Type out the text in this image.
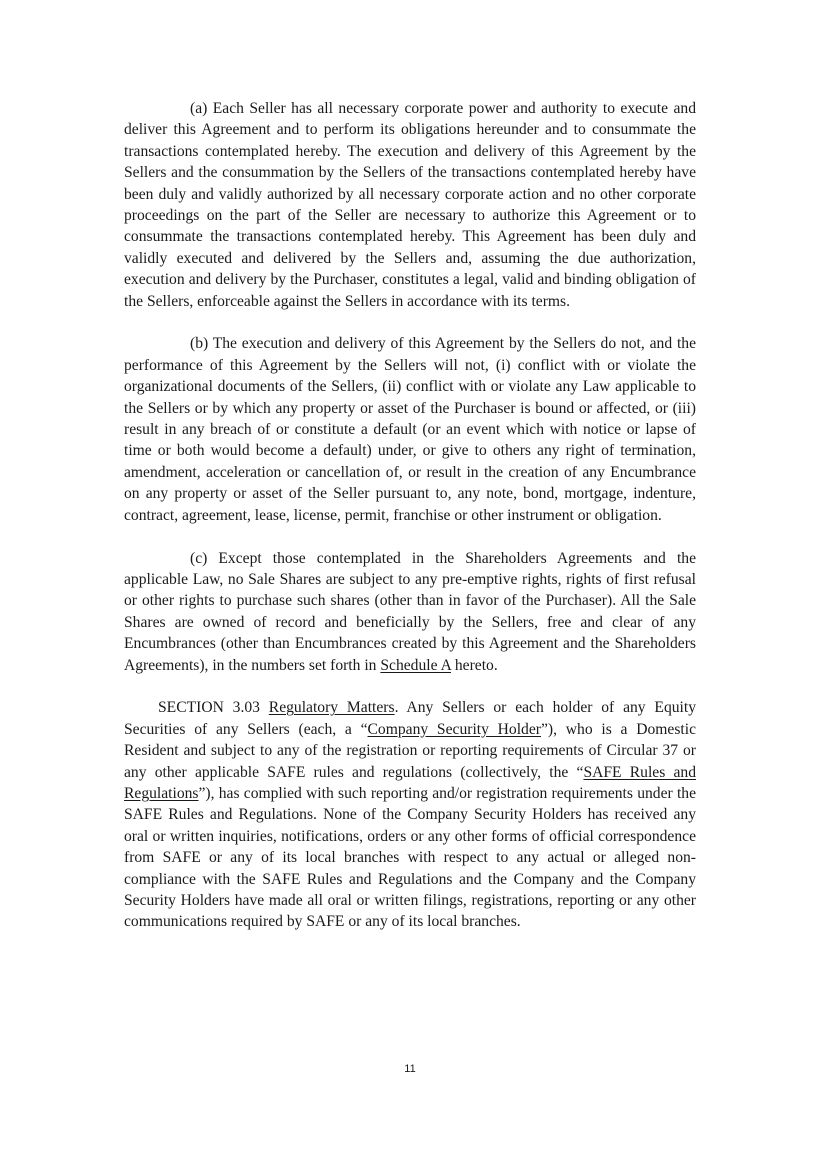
(a) Each Seller has all necessary corporate power and authority to execute and deliver this Agreement and to perform its obligations hereunder and to consummate the transactions contemplated hereby. The execution and delivery of this Agreement by the Sellers and the consummation by the Sellers of the transactions contemplated hereby have been duly and validly authorized by all necessary corporate action and no other corporate proceedings on the part of the Seller are necessary to authorize this Agreement or to consummate the transactions contemplated hereby. This Agreement has been duly and validly executed and delivered by the Sellers and, assuming the due authorization, execution and delivery by the Purchaser, constitutes a legal, valid and binding obligation of the Sellers, enforceable against the Sellers in accordance with its terms.

(b) The execution and delivery of this Agreement by the Sellers do not, and the performance of this Agreement by the Sellers will not, (i) conflict with or violate the organizational documents of the Sellers, (ii) conflict with or violate any Law applicable to the Sellers or by which any property or asset of the Purchaser is bound or affected, or (iii) result in any breach of or constitute a default (or an event which with notice or lapse of time or both would become a default) under, or give to others any right of termination, amendment, acceleration or cancellation of, or result in the creation of any Encumbrance on any property or asset of the Seller pursuant to, any note, bond, mortgage, indenture, contract, agreement, lease, license, permit, franchise or other instrument or obligation.

(c) Except those contemplated in the Shareholders Agreements and the applicable Law, no Sale Shares are subject to any pre-emptive rights, rights of first refusal or other rights to purchase such shares (other than in favor of the Purchaser). All the Sale Shares are owned of record and beneficially by the Sellers, free and clear of any Encumbrances (other than Encumbrances created by this Agreement and the Shareholders Agreements), in the numbers set forth in Schedule A hereto.

SECTION 3.03 Regulatory Matters. Any Sellers or each holder of any Equity Securities of any Sellers (each, a “Company Security Holder”), who is a Domestic Resident and subject to any of the registration or reporting requirements of Circular 37 or any other applicable SAFE rules and regulations (collectively, the “SAFE Rules and Regulations”), has complied with such reporting and/or registration requirements under the SAFE Rules and Regulations. None of the Company Security Holders has received any oral or written inquiries, notifications, orders or any other forms of official correspondence from SAFE or any of its local branches with respect to any actual or alleged non-compliance with the SAFE Rules and Regulations and the Company and the Company Security Holders have made all oral or written filings, registrations, reporting or any other communications required by SAFE or any of its local branches.

11
